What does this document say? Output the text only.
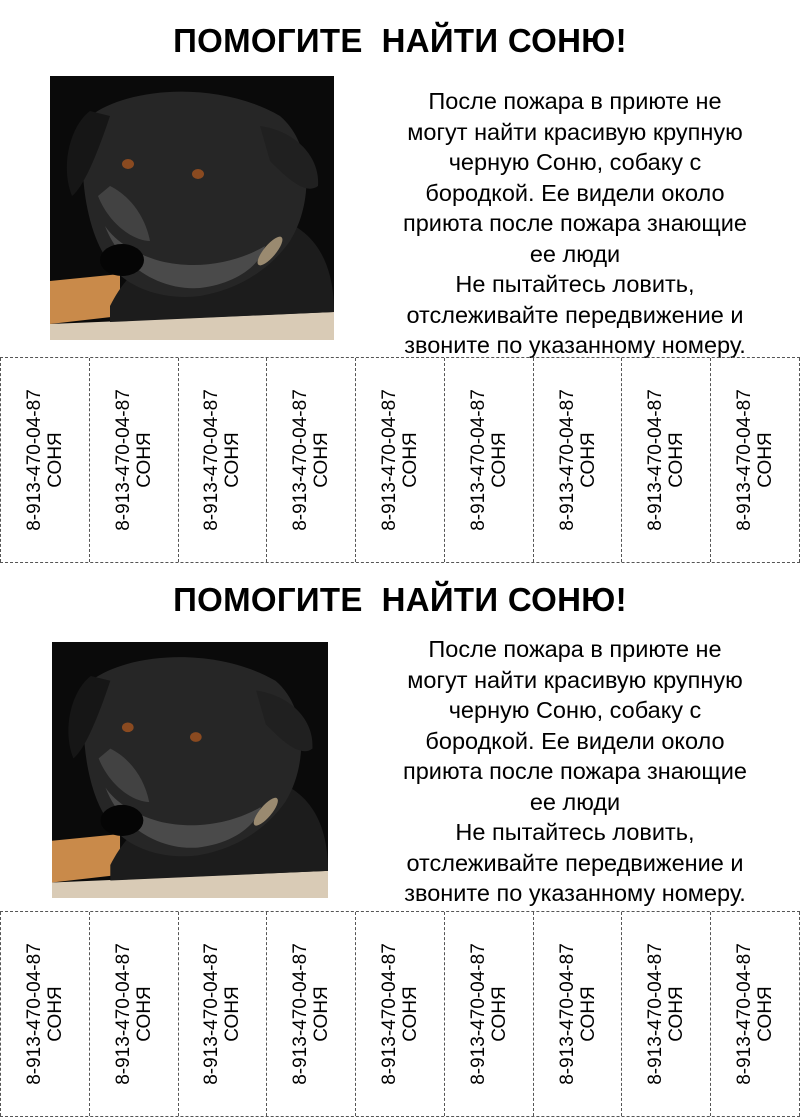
ПОМОГИТЕ  НАЙТИ СОНЮ!
После пожара в приюте не
могут найти красивую крупную
черную Соню, собаку с
бородкой. Ее видели около
приюта после пожара знающие
ее люди
Не пытайтесь ловить,
отслеживайте передвижение и
звоните по указанному номеру.
8-913-470-04-87 СОНЯ 8-913-470-04-87 СОНЯ 8-913-470-04-87 СОНЯ 8-913-470-04-87 СОНЯ 8-913-470-04-87 СОНЯ 8-913-470-04-87 СОНЯ 8-913-470-04-87 СОНЯ 8-913-470-04-87 СОНЯ 8-913-470-04-87 СОНЯ
ПОМОГИТЕ  НАЙТИ СОНЮ!
После пожара в приюте не
могут найти красивую крупную
черную Соню, собаку с
бородкой. Ее видели около
приюта после пожара знающие
ее люди
Не пытайтесь ловить,
отслеживайте передвижение и
звоните по указанному номеру.
8-913-470-04-87 СОНЯ 8-913-470-04-87 СОНЯ 8-913-470-04-87 СОНЯ 8-913-470-04-87 СОНЯ 8-913-470-04-87 СОНЯ 8-913-470-04-87 СОНЯ 8-913-470-04-87 СОНЯ 8-913-470-04-87 СОНЯ 8-913-470-04-87 СОНЯ
